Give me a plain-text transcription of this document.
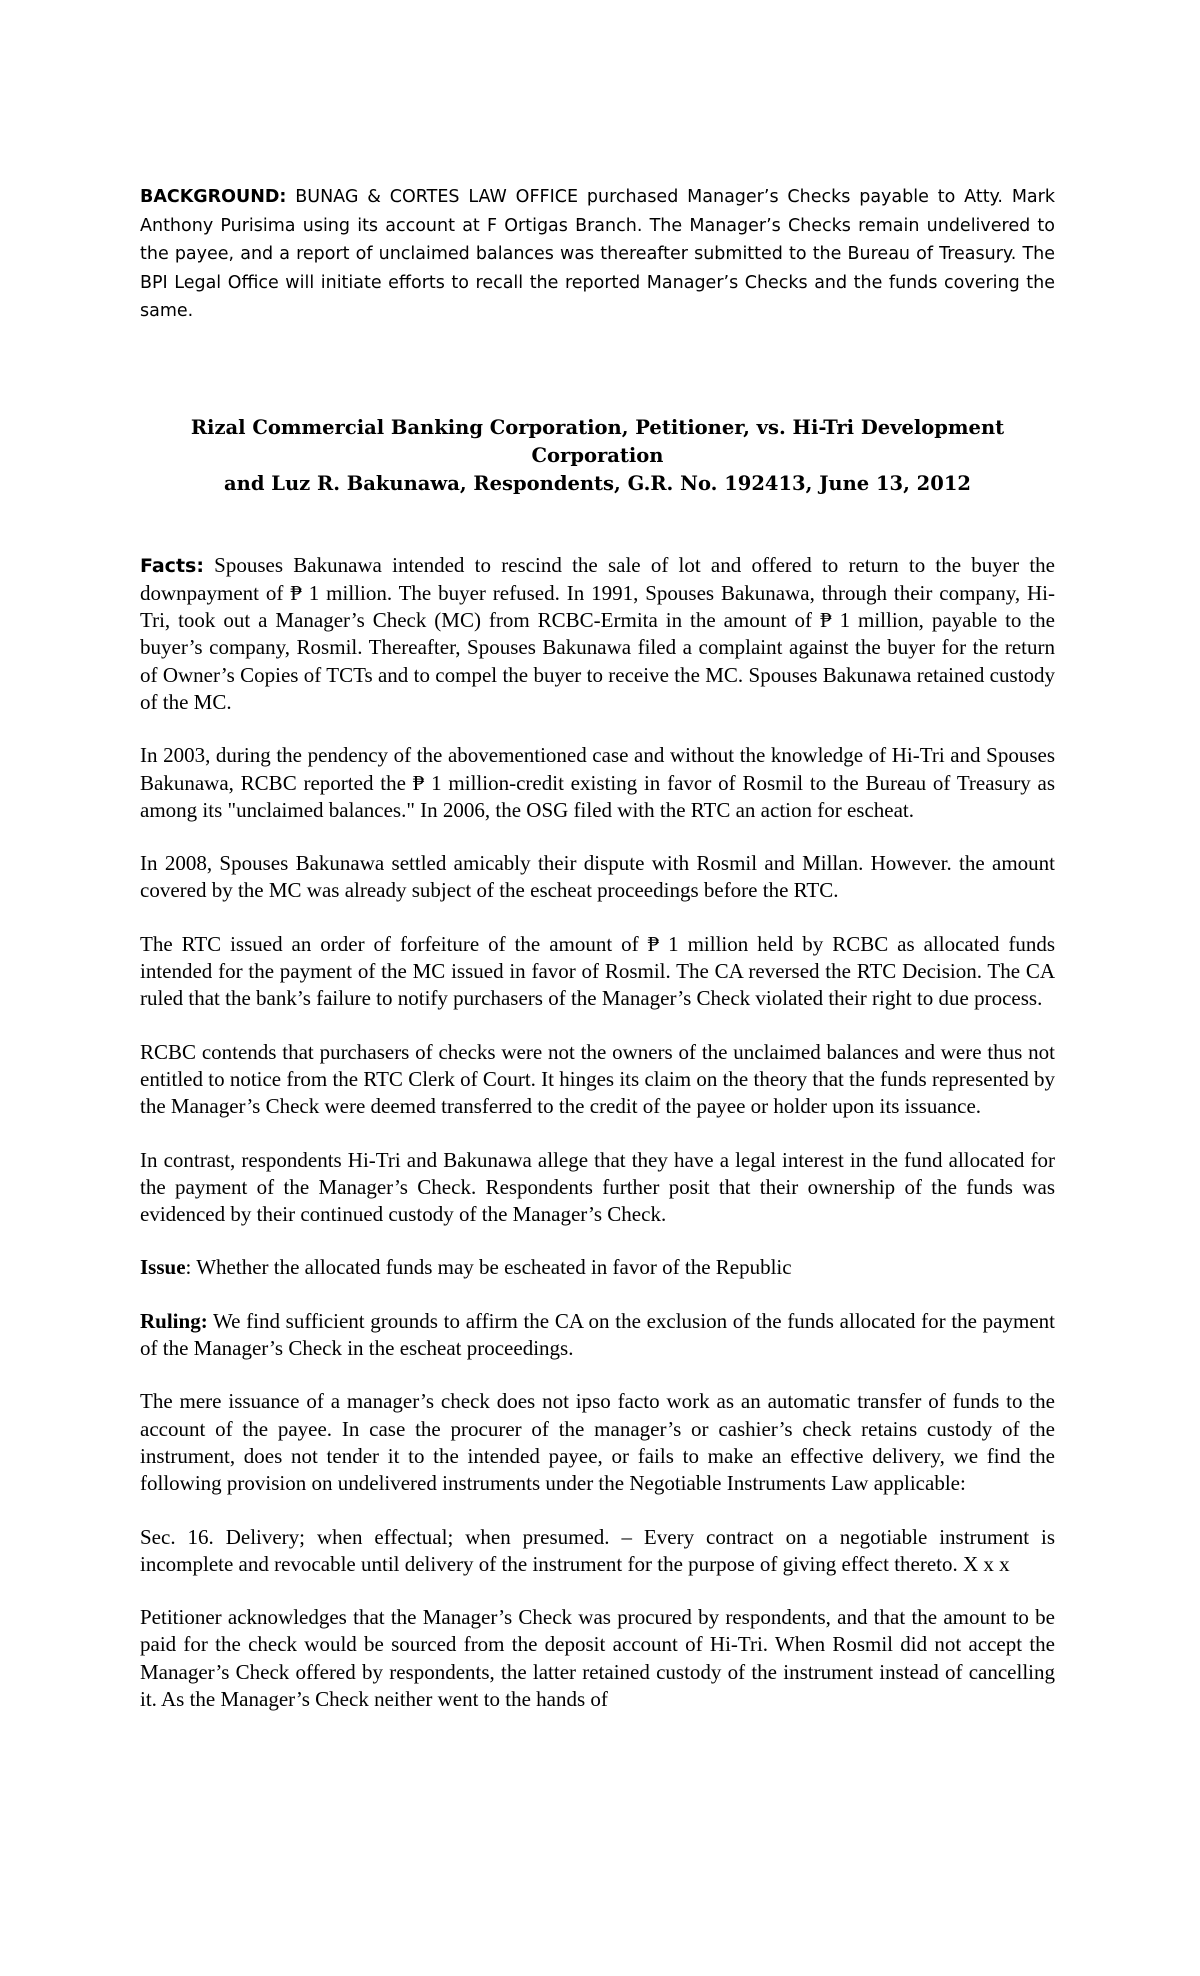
BACKGROUND: BUNAG & CORTES LAW OFFICE purchased Manager’s Checks payable to Atty. Mark Anthony Purisima using its account at F Ortigas Branch. The Manager’s Checks remain undelivered to the payee, and a report of unclaimed balances was thereafter submitted to the Bureau of Treasury. The BPI Legal Office will initiate efforts to recall the reported Manager’s Checks and the funds covering the same.

Rizal Commercial Banking Corporation, Petitioner, vs. Hi-Tri Development Corporation
and Luz R. Bakunawa, Respondents, G.R. No. 192413, June 13, 2012

Facts: Spouses Bakunawa intended to rescind the sale of lot and offered to return to the buyer the downpayment of ₱ 1 million. The buyer refused. In 1991, Spouses Bakunawa, through their company, Hi-Tri, took out a Manager’s Check (MC) from RCBC-Ermita in the amount of ₱ 1 million, payable to the buyer’s company, Rosmil. Thereafter, Spouses Bakunawa filed a complaint against the buyer for the return of Owner’s Copies of TCTs and to compel the buyer to receive the MC. Spouses Bakunawa retained custody of the MC.

In 2003, during the pendency of the abovementioned case and without the knowledge of Hi-Tri and Spouses Bakunawa, RCBC reported the ₱ 1 million-credit existing in favor of Rosmil to the Bureau of Treasury as among its "unclaimed balances." In 2006, the OSG filed with the RTC an action for escheat.

In 2008, Spouses Bakunawa settled amicably their dispute with Rosmil and Millan. However. the amount covered by the MC was already subject of the escheat proceedings before the RTC.

The RTC issued an order of forfeiture of the amount of ₱ 1 million held by RCBC as allocated funds intended for the payment of the MC issued in favor of Rosmil. The CA reversed the RTC Decision. The CA ruled that the bank’s failure to notify purchasers of the Manager’s Check violated their right to due process.

RCBC contends that purchasers of checks were not the owners of the unclaimed balances and were thus not entitled to notice from the RTC Clerk of Court. It hinges its claim on the theory that the funds represented by the Manager’s Check were deemed transferred to the credit of the payee or holder upon its issuance.

In contrast, respondents Hi-Tri and Bakunawa allege that they have a legal interest in the fund allocated for the payment of the Manager’s Check. Respondents further posit that their ownership of the funds was evidenced by their continued custody of the Manager’s Check.

Issue: Whether the allocated funds may be escheated in favor of the Republic

Ruling: We find sufficient grounds to affirm the CA on the exclusion of the funds allocated for the payment of the Manager’s Check in the escheat proceedings.

The mere issuance of a manager’s check does not ipso facto work as an automatic transfer of funds to the account of the payee. In case the procurer of the manager’s or cashier’s check retains custody of the instrument, does not tender it to the intended payee, or fails to make an effective delivery, we find the following provision on undelivered instruments under the Negotiable Instruments Law applicable:

Sec. 16. Delivery; when effectual; when presumed. – Every contract on a negotiable instrument is incomplete and revocable until delivery of the instrument for the purpose of giving effect thereto. X x x

Petitioner acknowledges that the Manager’s Check was procured by respondents, and that the amount to be paid for the check would be sourced from the deposit account of Hi-Tri. When Rosmil did not accept the Manager’s Check offered by respondents, the latter retained custody of the instrument instead of cancelling it. As the Manager’s Check neither went to the hands of
